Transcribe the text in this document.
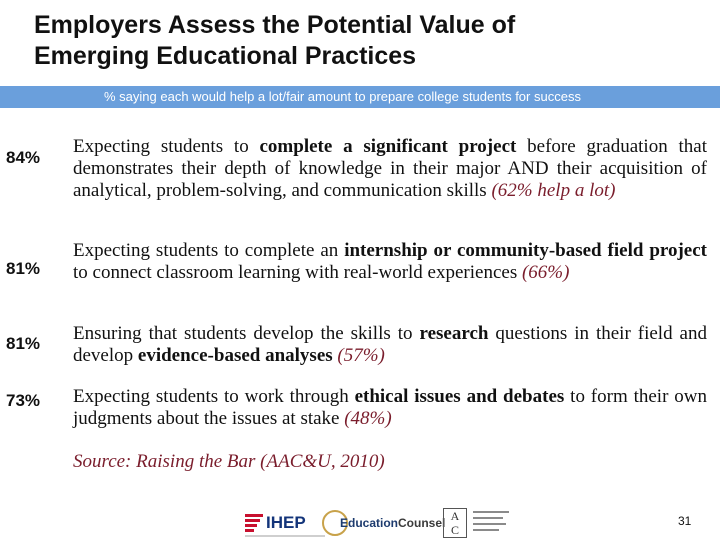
Employers Assess the Potential Value of
Emerging Educational Practices
% saying each would help a lot/fair amount to prepare college students for success
84%
Expecting students to complete a significant project before graduation that demonstrates their depth of knowledge in their major AND their acquisition of analytical, problem-solving, and communication skills (62% help a lot)
81%
Expecting students to complete an internship or community-based field project to connect classroom learning with real-world experiences (66%)
81% Ensuring that students develop the skills to research questions in their field and develop evidence-based analyses (57%)
73% Expecting students to work through ethical issues and debates to form their own judgments about the issues at stake (48%)
Source: Raising the Bar (AAC&U, 2010)
IHEP	EducationCounsel A
C
31
